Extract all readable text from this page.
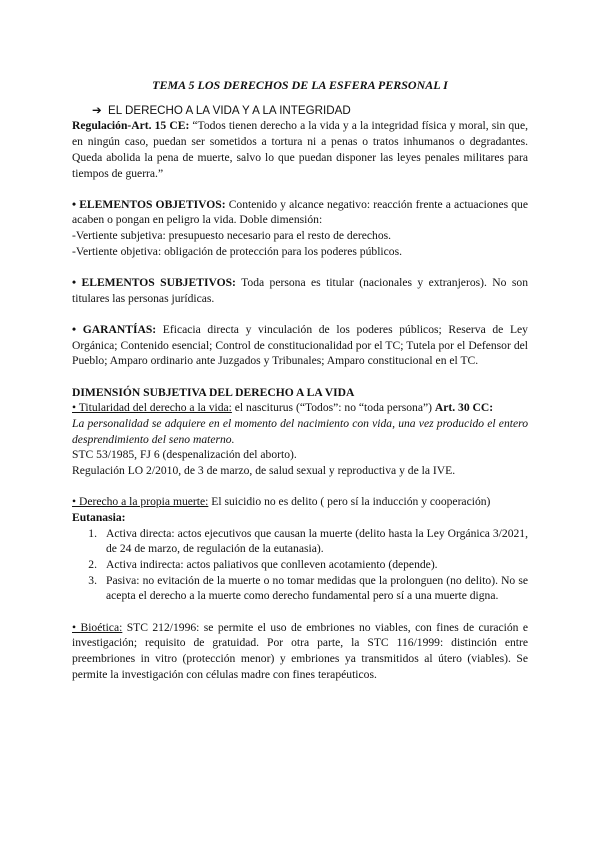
TEMA 5 LOS DERECHOS DE LA ESFERA PERSONAL I

➔ EL DERECHO A LA VIDA Y A LA INTEGRIDAD

Regulación-Art. 15 CE: “Todos tienen derecho a la vida y a la integridad física y moral, sin que, en ningún caso, puedan ser sometidos a tortura ni a penas o tratos inhumanos o degradantes. Queda abolida la pena de muerte, salvo lo que puedan disponer las leyes penales militares para tiempos de guerra.”

• ELEMENTOS OBJETIVOS: Contenido y alcance negativo: reacción frente a actuaciones que acaben o pongan en peligro la vida. Doble dimensión:

-Vertiente subjetiva: presupuesto necesario para el resto de derechos.

-Vertiente objetiva: obligación de protección para los poderes públicos.

• ELEMENTOS SUBJETIVOS: Toda persona es titular (nacionales y extranjeros). No son titulares las personas jurídicas.

• GARANTÍAS: Eficacia directa y vinculación de los poderes públicos; Reserva de Ley Orgánica; Contenido esencial; Control de constitucionalidad por el TC; Tutela por el Defensor del Pueblo; Amparo ordinario ante Juzgados y Tribunales; Amparo constitucional en el TC.

DIMENSIÓN SUBJETIVA DEL DERECHO A LA VIDA

• Titularidad del derecho a la vida: el nasciturus (“Todos”: no “toda persona”) Art. 30 CC:

La personalidad se adquiere en el momento del nacimiento con vida, una vez producido el entero desprendimiento del seno materno.

STC 53/1985, FJ 6 (despenalización del aborto).

Regulación LO 2/2010, de 3 de marzo, de salud sexual y reproductiva y de la IVE.

• Derecho a la propia muerte: El suicidio no es delito ( pero sí la inducción y cooperación)

Eutanasia:

1. Activa directa: actos ejecutivos que causan la muerte (delito hasta la Ley Orgánica 3/2021, de 24 de marzo, de regulación de la eutanasia).
2. Activa indirecta: actos paliativos que conlleven acotamiento (depende).
3. Pasiva: no evitación de la muerte o no tomar medidas que la prolonguen (no delito). No se acepta el derecho a la muerte como derecho fundamental pero sí a una muerte digna.

• Bioética: STC 212/1996: se permite el uso de embriones no viables, con fines de curación e investigación; requisito de gratuidad. Por otra parte, la STC 116/1999: distinción entre preembriones in vitro (protección menor) y embriones ya transmitidos al útero (viables). Se permite la investigación con células madre con fines terapéuticos.
